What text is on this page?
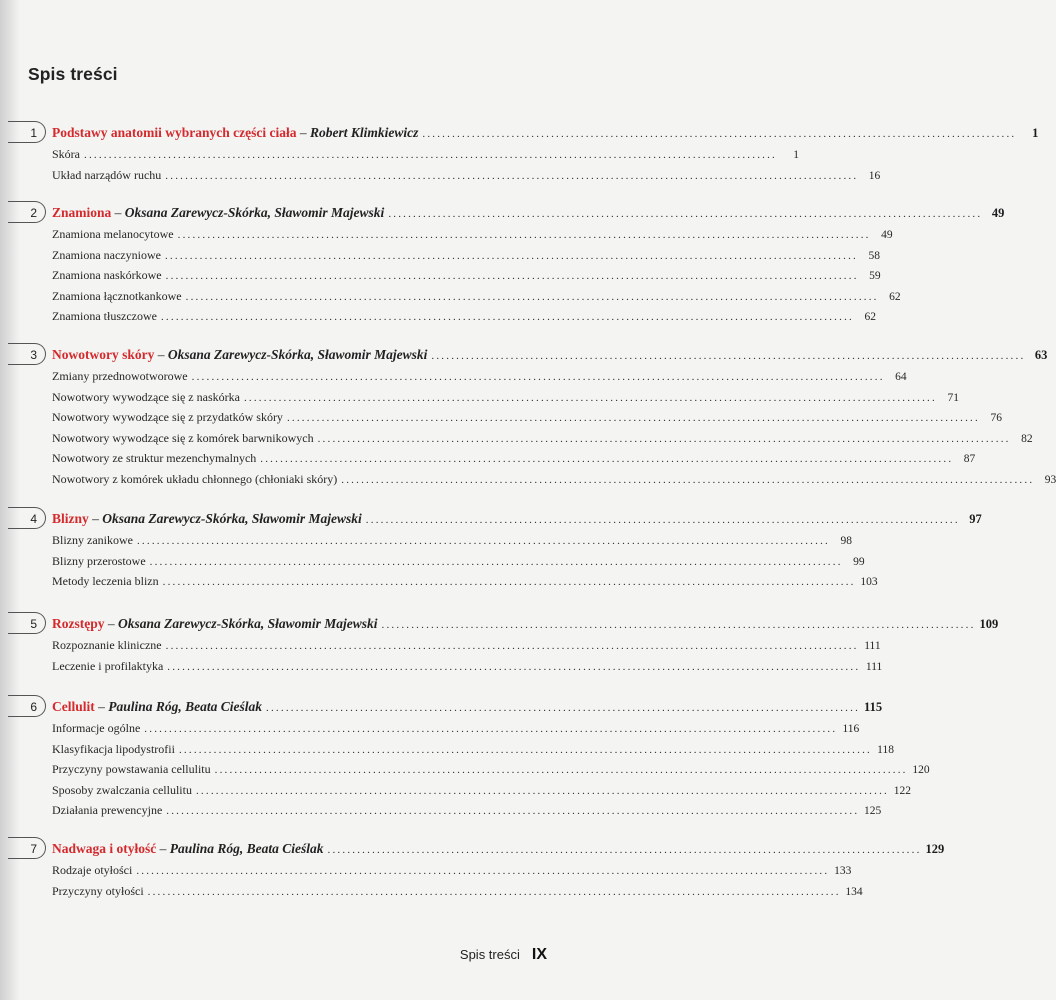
Spis treści
1	Podstawy anatomii wybranych części ciała – Robert Klimkiewicz ........................................................................................................................	1
Skóra ............................................................................................................................................	1
Układ narządów ruchu ............................................................................................................................................ 16
2	Znamiona – Oksana Zarewycz-Skórka, Sławomir Majewski ........................................................................................................................ 49
Znamiona melanocytowe ............................................................................................................................................ 49
Znamiona naczyniowe ............................................................................................................................................ 58
Znamiona naskórkowe ............................................................................................................................................ 59
Znamiona łącznotkankowe ............................................................................................................................................ 62
Znamiona tłuszczowe ............................................................................................................................................ 62
3	Nowotwory skóry – Oksana Zarewycz-Skórka, Sławomir Majewski ........................................................................................................................ 63
Zmiany przednowotworowe ............................................................................................................................................ 64
Nowotwory wywodzące się z naskórka ............................................................................................................................................ 71
Nowotwory wywodzące się z przydatków skóry ............................................................................................................................................ 76
Nowotwory wywodzące się z komórek barwnikowych ............................................................................................................................................ 82
Nowotwory ze struktur mezenchymalnych ............................................................................................................................................ 87
Nowotwory z komórek układu chłonnego (chłoniaki skóry) ............................................................................................................................................ 93
4	Blizny – Oksana Zarewycz-Skórka, Sławomir Majewski ........................................................................................................................ 97
Blizny zanikowe ............................................................................................................................................ 98
Blizny przerostowe ............................................................................................................................................ 99
Metody leczenia blizn ............................................................................................................................................ 103
5	Rozstępy – Oksana Zarewycz-Skórka, Sławomir Majewski ........................................................................................................................ 109
Rozpoznanie kliniczne ............................................................................................................................................ 111
Leczenie i profilaktyka ............................................................................................................................................ 111
6	Cellulit – Paulina Róg, Beata Cieślak ........................................................................................................................ 115
Informacje ogólne ............................................................................................................................................ 116
Klasyfikacja lipodystrofii ............................................................................................................................................ 118
Przyczyny powstawania cellulitu ............................................................................................................................................ 120
Sposoby zwalczania cellulitu ............................................................................................................................................ 122
Działania prewencyjne ............................................................................................................................................ 125
7	Nadwaga i otyłość – Paulina Róg, Beata Cieślak ........................................................................................................................ 129
Rodzaje otyłości ............................................................................................................................................ 133
Przyczyny otyłości ............................................................................................................................................ 134
Spis treści IX
